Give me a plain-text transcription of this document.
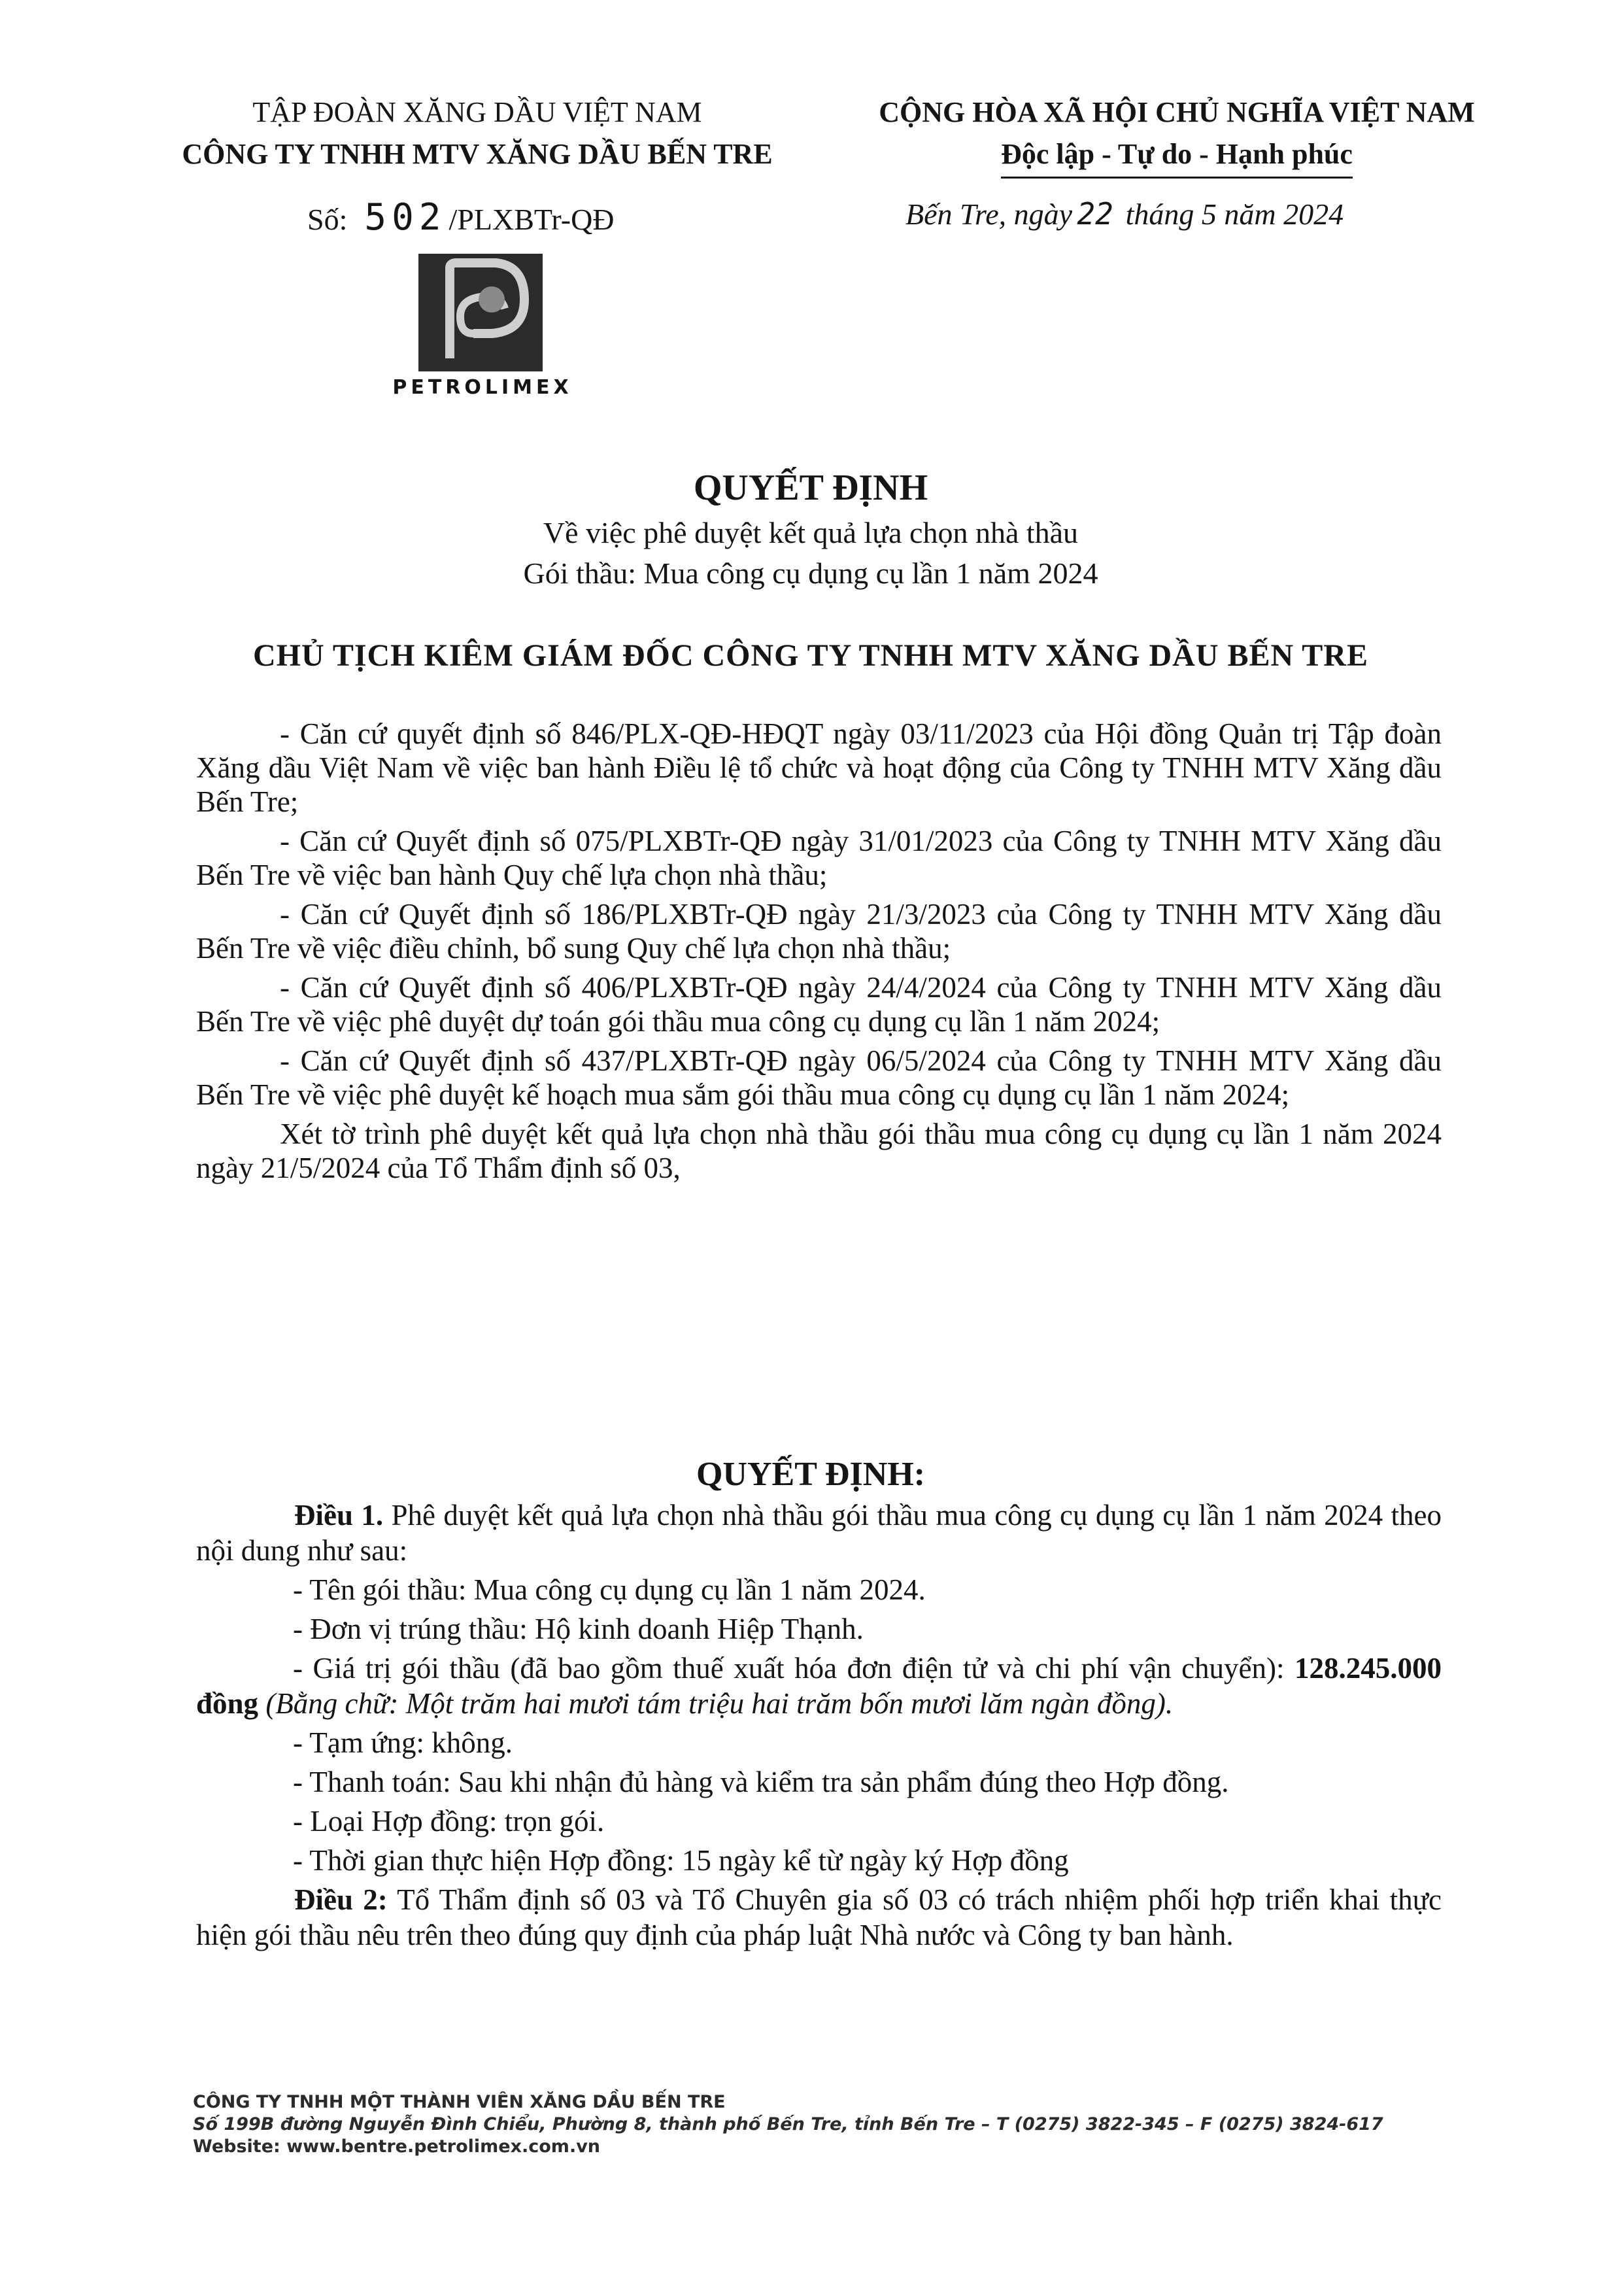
TẬP ĐOÀN XĂNG DẦU VIỆT NAM
CÔNG TY TNHH MTV XĂNG DẦU BẾN TRE
CỘNG HÒA XÃ HỘI CHỦ NGHĨA VIỆT NAM
Độc lập - Tự do - Hạnh phúc
Số: 502/PLXBTr-QĐ	Bến Tre, ngày 22 tháng 5 năm 2024
PETROLIMEX
QUYẾT ĐỊNH
Về việc phê duyệt kết quả lựa chọn nhà thầu
Gói thầu: Mua công cụ dụng cụ lần 1 năm 2024
CHỦ TỊCH KIÊM GIÁM ĐỐC CÔNG TY TNHH MTV XĂNG DẦU BẾN TRE

- Căn cứ quyết định số 846/PLX-QĐ-HĐQT ngày 03/11/2023 của Hội đồng Quản trị Tập đoàn Xăng dầu Việt Nam về việc ban hành Điều lệ tổ chức và hoạt động của Công ty TNHH MTV Xăng dầu Bến Tre;

- Căn cứ Quyết định số 075/PLXBTr-QĐ ngày 31/01/2023 của Công ty TNHH MTV Xăng dầu Bến Tre về việc ban hành Quy chế lựa chọn nhà thầu;

- Căn cứ Quyết định số 186/PLXBTr-QĐ ngày 21/3/2023 của Công ty TNHH MTV Xăng dầu Bến Tre về việc điều chỉnh, bổ sung Quy chế lựa chọn nhà thầu;

- Căn cứ Quyết định số 406/PLXBTr-QĐ ngày 24/4/2024 của Công ty TNHH MTV Xăng dầu Bến Tre về việc phê duyệt dự toán gói thầu mua công cụ dụng cụ lần 1 năm 2024;

- Căn cứ Quyết định số 437/PLXBTr-QĐ ngày 06/5/2024 của Công ty TNHH MTV Xăng dầu Bến Tre về việc phê duyệt kế hoạch mua sắm gói thầu mua công cụ dụng cụ lần 1 năm 2024;

Xét tờ trình phê duyệt kết quả lựa chọn nhà thầu gói thầu mua công cụ dụng cụ lần 1 năm 2024 ngày 21/5/2024 của Tổ Thẩm định số 03,

QUYẾT ĐỊNH:

Điều 1. Phê duyệt kết quả lựa chọn nhà thầu gói thầu mua công cụ dụng cụ lần 1 năm 2024 theo nội dung như sau:

- Tên gói thầu: Mua công cụ dụng cụ lần 1 năm 2024.

- Đơn vị trúng thầu: Hộ kinh doanh Hiệp Thạnh.

- Giá trị gói thầu (đã bao gồm thuế xuất hóa đơn điện tử và chi phí vận chuyển): 128.245.000 đồng (Bằng chữ: Một trăm hai mươi tám triệu hai trăm bốn mươi lăm ngàn đồng).

- Tạm ứng: không.

- Thanh toán: Sau khi nhận đủ hàng và kiểm tra sản phẩm đúng theo Hợp đồng.

- Loại Hợp đồng: trọn gói.

- Thời gian thực hiện Hợp đồng: 15 ngày kể từ ngày ký Hợp đồng

Điều 2: Tổ Thẩm định số 03 và Tổ Chuyên gia số 03 có trách nhiệm phối hợp triển khai thực hiện gói thầu nêu trên theo đúng quy định của pháp luật Nhà nước và Công ty ban hành.

CÔNG TY TNHH MỘT THÀNH VIÊN XĂNG DẦU BẾN TRE
Số 199B đường Nguyễn Đình Chiểu, Phường 8, thành phố Bến Tre, tỉnh Bến Tre – T (0275) 3822-345 – F (0275) 3824-617
Website: www.bentre.petrolimex.com.vn
